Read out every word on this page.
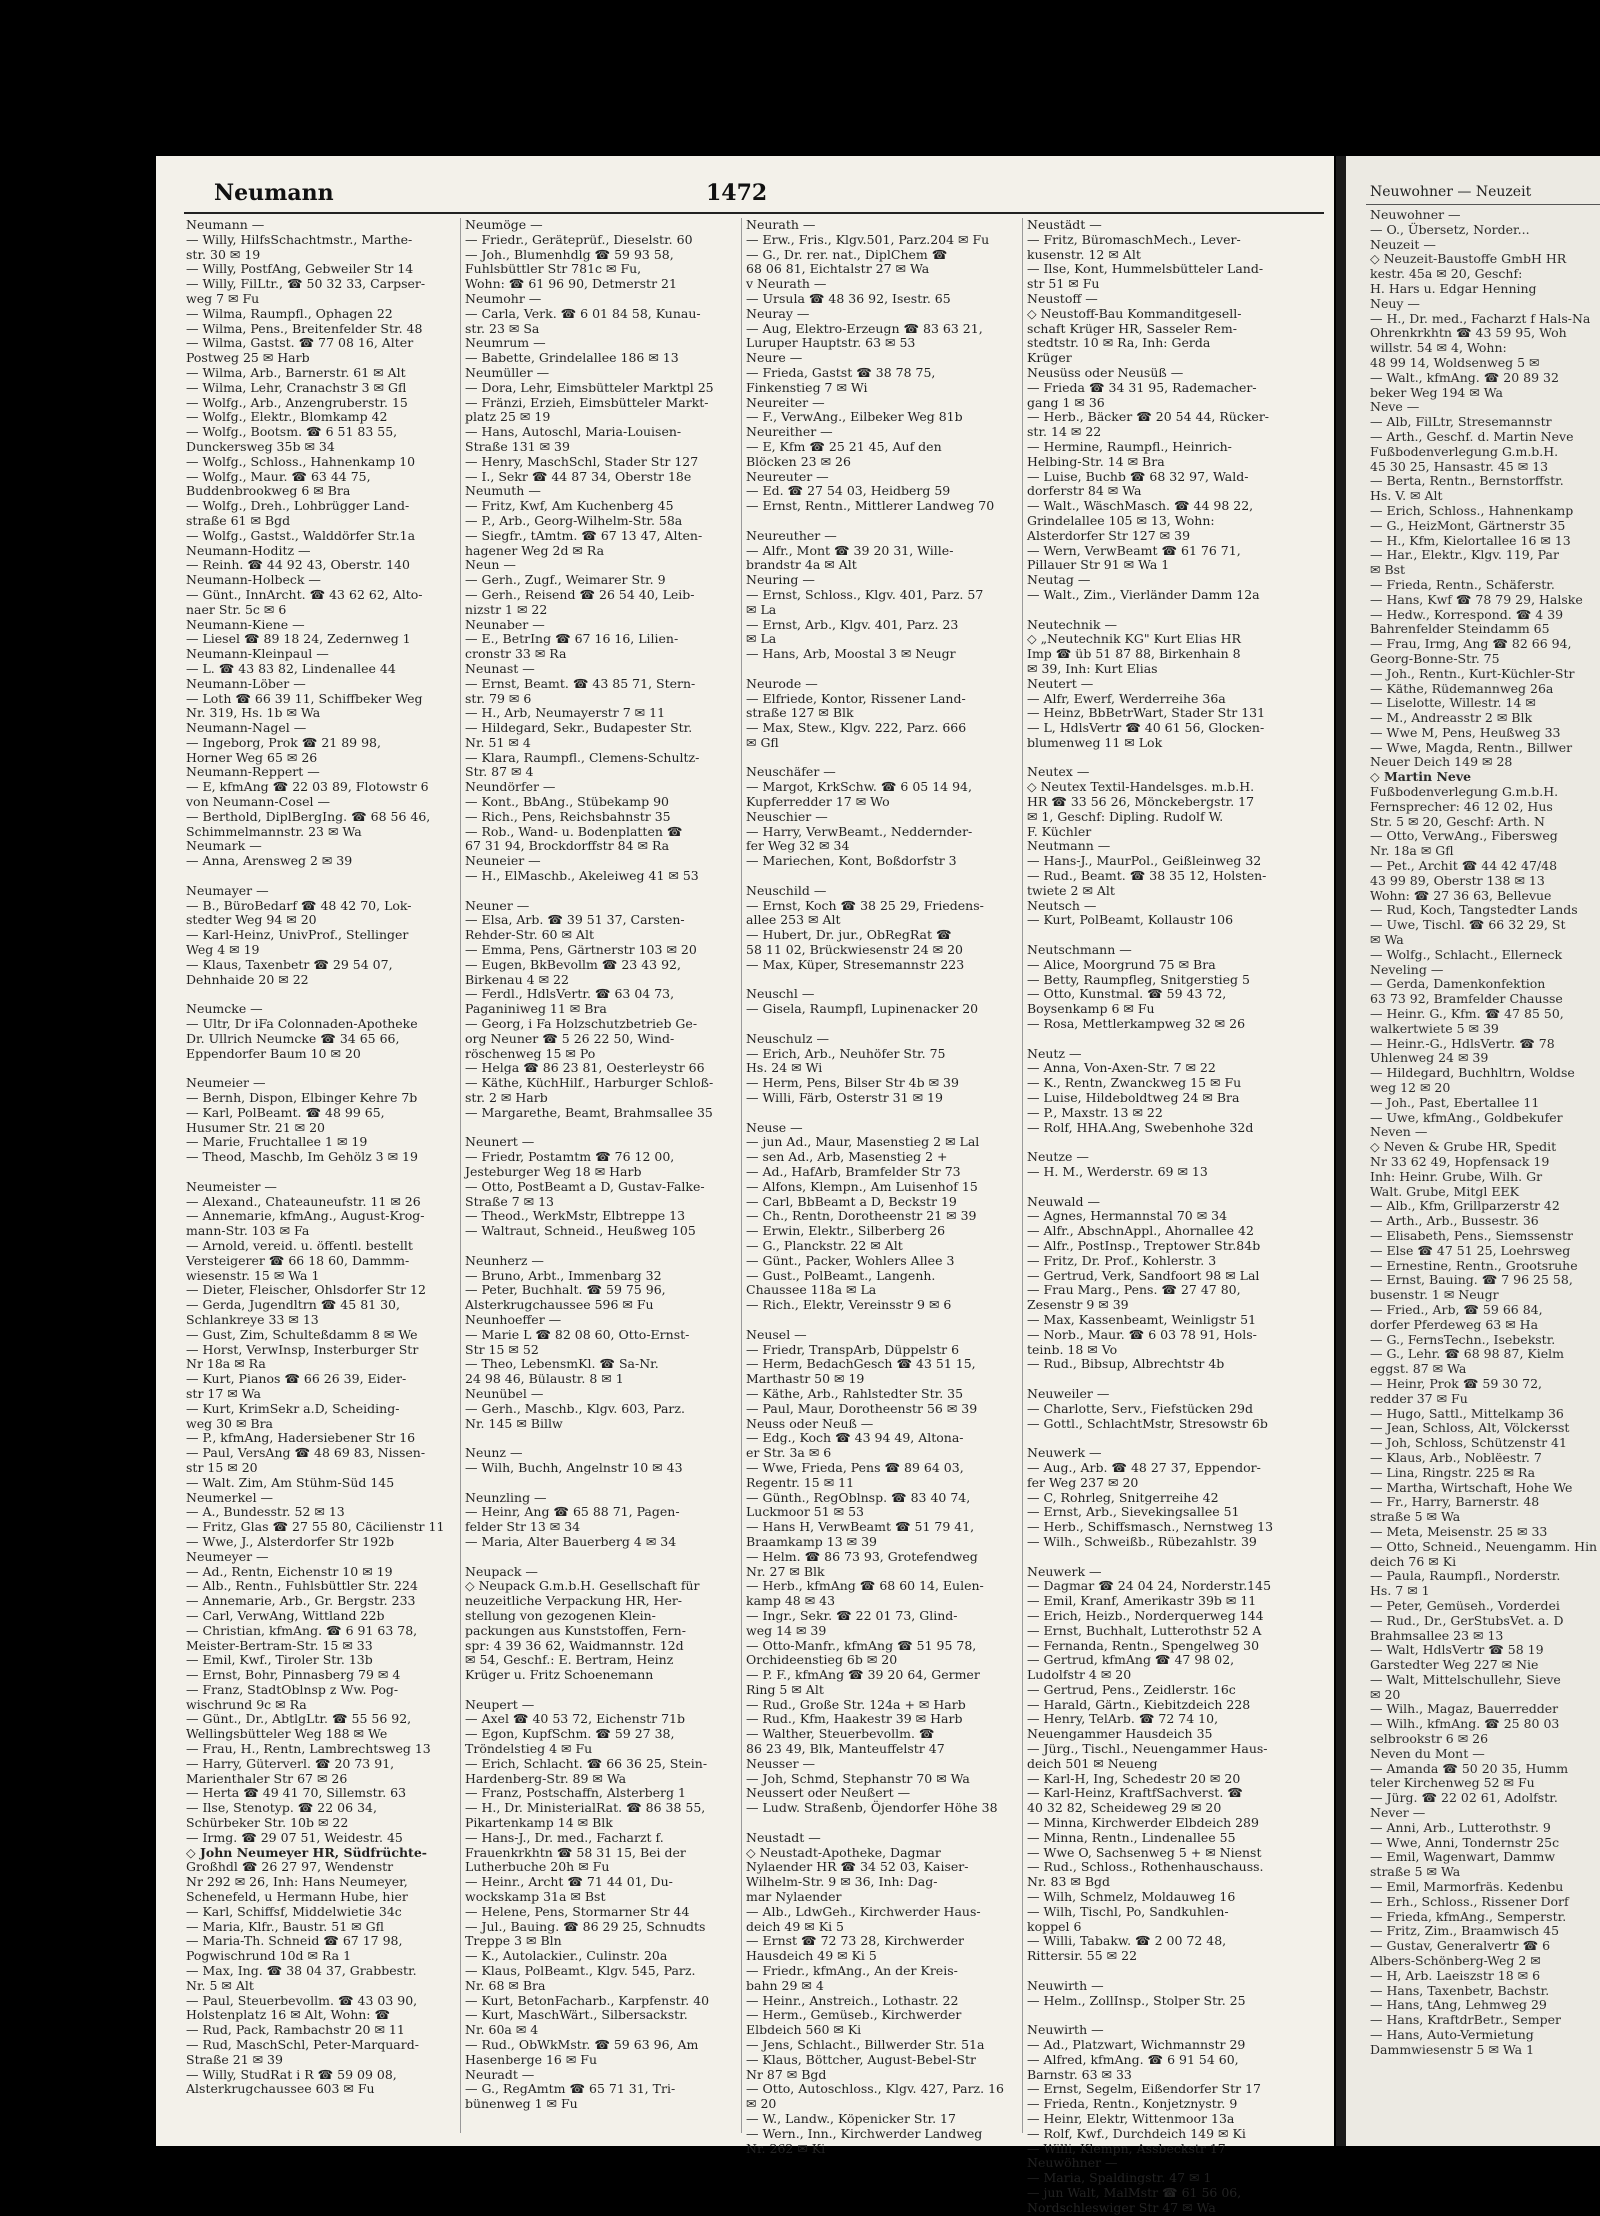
Neumann	1472
Neumann —
— Willy, HilfsSchachtmstr., Marthe-
str. 30 ✉ 19
— Willy, PostfAng, Gebweiler Str 14
— Willy, FilLtr., ☎ 50 32 33, Carpser-
weg 7 ✉ Fu
— Wilma, Raumpfl., Ophagen 22
— Wilma, Pens., Breitenfelder Str. 48
— Wilma, Gastst. ☎ 77 08 16, Alter
Postweg 25 ✉ Harb
— Wilma, Arb., Barnerstr. 61 ✉ Alt
— Wilma, Lehr, Cranachstr 3 ✉ Gfl
— Wolfg., Arb., Anzengruberstr. 15
— Wolfg., Elektr., Blomkamp 42
— Wolfg., Bootsm. ☎ 6 51 83 55,
Dunckersweg 35b ✉ 34
— Wolfg., Schloss., Hahnenkamp 10
— Wolfg., Maur. ☎ 63 44 75,
Buddenbrookweg 6 ✉ Bra
— Wolfg., Dreh., Lohbrügger Land-
straße 61 ✉ Bgd
— Wolfg., Gastst., Walddörfer Str.1a
Neumann-Hoditz —
— Reinh. ☎ 44 92 43, Oberstr. 140
Neumann-Holbeck —
— Günt., InnArcht. ☎ 43 62 62, Alto-
naer Str. 5c ✉ 6
Neumann-Kiene —
— Liesel ☎ 89 18 24, Zedernweg 1
Neumann-Kleinpaul —
— L. ☎ 43 83 82, Lindenallee 44
Neumann-Löber —
— Loth ☎ 66 39 11, Schiffbeker Weg
Nr. 319, Hs. 1b ✉ Wa
Neumann-Nagel —
— Ingeborg, Prok ☎ 21 89 98,
Horner Weg 65 ✉ 26
Neumann-Reppert —
— E, kfmAng ☎ 22 03 89, Flotowstr 6
von Neumann-Cosel —
— Berthold, DiplBergIng. ☎ 68 56 46,
Schimmelmannstr. 23 ✉ Wa
Neumark —
— Anna, Arensweg 2 ✉ 39

Neumayer —
— B., BüroBedarf ☎ 48 42 70, Lok-
stedter Weg 94 ✉ 20
— Karl-Heinz, UnivProf., Stellinger
Weg 4 ✉ 19
— Klaus, Taxenbetr ☎ 29 54 07,
Dehnhaide 20 ✉ 22

Neumcke —
— Ultr, Dr iFa Colonnaden-Apotheke
Dr. Ullrich Neumcke ☎ 34 65 66,
Eppendorfer Baum 10 ✉ 20

Neumeier —
— Bernh, Dispon, Elbinger Kehre 7b
— Karl, PolBeamt. ☎ 48 99 65,
Husumer Str. 21 ✉ 20
— Marie, Fruchtallee 1 ✉ 19
— Theod, Maschb, Im Gehölz 3 ✉ 19

Neumeister —
— Alexand., Chateauneufstr. 11 ✉ 26
— Annemarie, kfmAng., August-Krog-
mann-Str. 103 ✉ Fa
— Arnold, vereid. u. öffentl. bestellt
Versteigerer ☎ 66 18 60, Dammm-
wiesenstr. 15 ✉ Wa 1
— Dieter, Fleischer, Ohlsdorfer Str 12
— Gerda, Jugendltrn ☎ 45 81 30,
Schlankreye 33 ✉ 13
— Gust, Zim, Schulteßdamm 8 ✉ We
— Horst, VerwInsp, Insterburger Str
Nr 18a ✉ Ra
— Kurt, Pianos ☎ 66 26 39, Eider-
str 17 ✉ Wa
— Kurt, KrimSekr a.D, Scheiding-
weg 30 ✉ Bra
— P., kfmAng, Hadersiebener Str 16
— Paul, VersAng ☎ 48 69 83, Nissen-
str 15 ✉ 20
— Walt. Zim, Am Stühm-Süd 145
Neumerkel —
— A., Bundesstr. 52 ✉ 13
— Fritz, Glas ☎ 27 55 80, Cäcilienstr 11
— Wwe, J., Alsterdorfer Str 192b
Neumeyer —
— Ad., Rentn, Eichenstr 10 ✉ 19
— Alb., Rentn., Fuhlsbüttler Str. 224
— Annemarie, Arb., Gr. Bergstr. 233
— Carl, VerwAng, Wittland 22b
— Christian, kfmAng. ☎ 6 91 63 78,
Meister-Bertram-Str. 15 ✉ 33
— Emil, Kwf., Tiroler Str. 13b
— Ernst, Bohr, Pinnasberg 79 ✉ 4
— Franz, StadtOblnsp z Ww. Pog-
wischrund 9c ✉ Ra
— Günt., Dr., AbtlgLtr. ☎ 55 56 92,
Wellingsbütteler Weg 188 ✉ We
— Frau, H., Rentn, Lambrechtsweg 13
— Harry, Güterverl. ☎ 20 73 91,
Marienthaler Str 67 ✉ 26
— Herta ☎ 49 41 70, Sillemstr. 63
— Ilse, Stenotyp. ☎ 22 06 34,
Schürbeker Str. 10b ✉ 22
— Irmg. ☎ 29 07 51, Weidestr. 45
◇ John Neumeyer HR, Südfrüchte-
Großhdl ☎ 26 27 97, Wendenstr
Nr 292 ✉ 26, Inh: Hans Neumeyer,
Schenefeld, u Hermann Hube, hier
— Karl, Schiffsf, Middelwietie 34c
— Maria, Klfr., Baustr. 51 ✉ Gfl
— Maria-Th. Schneid ☎ 67 17 98,
Pogwischrund 10d ✉ Ra 1
— Max, Ing. ☎ 38 04 37, Grabbestr.
Nr. 5 ✉ Alt
— Paul, Steuerbevollm. ☎ 43 03 90,
Holstenplatz 16 ✉ Alt, Wohn: ☎
— Rud, Pack, Rambachstr 20 ✉ 11
— Rud, MaschSchl, Peter-Marquard-
Straße 21 ✉ 39
— Willy, StudRat i R ☎ 59 09 08,
Alsterkrugchaussee 603 ✉ Fu
Neumöge —
— Friedr., Geräteprüf., Dieselstr. 60
— Joh., Blumenhdlg ☎ 59 93 58,
Fuhlsbüttler Str 781c ✉ Fu,
Wohn: ☎ 61 96 90, Detmerstr 21
Neumohr —
— Carla, Verk. ☎ 6 01 84 58, Kunau-
str. 23 ✉ Sa
Neumrum —
— Babette, Grindelallee 186 ✉ 13
Neumüller —
— Dora, Lehr, Eimsbütteler Marktpl 25
— Fränzi, Erzieh, Eimsbütteler Markt-
platz 25 ✉ 19
— Hans, Autoschl, Maria-Louisen-
Straße 131 ✉ 39
— Henry, MaschSchl, Stader Str 127
— I., Sekr ☎ 44 87 34, Oberstr 18e
Neumuth —
— Fritz, Kwf, Am Kuchenberg 45
— P., Arb., Georg-Wilhelm-Str. 58a
— Siegfr., tAmtm. ☎ 67 13 47, Alten-
hagener Weg 2d ✉ Ra
Neun —
— Gerh., Zugf., Weimarer Str. 9
— Gerh., Reisend ☎ 26 54 40, Leib-
nizstr 1 ✉ 22
Neunaber —
— E., BetrIng ☎ 67 16 16, Lilien-
cronstr 33 ✉ Ra
Neunast —
— Ernst, Beamt. ☎ 43 85 71, Stern-
str. 79 ✉ 6
— H., Arb, Neumayerstr 7 ✉ 11
— Hildegard, Sekr., Budapester Str.
Nr. 51 ✉ 4
— Klara, Raumpfl., Clemens-Schultz-
Str. 87 ✉ 4
Neundörfer —
— Kont., BbAng., Stübekamp 90
— Rich., Pens, Reichsbahnstr 35
— Rob., Wand- u. Bodenplatten ☎
67 31 94, Brockdorffstr 84 ✉ Ra
Neuneier —
— H., ElMaschb., Akeleiweg 41 ✉ 53

Neuner —
— Elsa, Arb. ☎ 39 51 37, Carsten-
Rehder-Str. 60 ✉ Alt
— Emma, Pens, Gärtnerstr 103 ✉ 20
— Eugen, BkBevollm ☎ 23 43 92,
Birkenau 4 ✉ 22
— Ferdl., HdlsVertr. ☎ 63 04 73,
Paganiniweg 11 ✉ Bra
— Georg, i Fa Holzschutzbetrieb Ge-
org Neuner ☎ 5 26 22 50, Wind-
röschenweg 15 ✉ Po
— Helga ☎ 86 23 81, Oesterleystr 66
— Käthe, KüchHilf., Harburger Schloß-
str. 2 ✉ Harb
— Margarethe, Beamt, Brahmsallee 35

Neunert —
— Friedr, Postamtm ☎ 76 12 00,
Jesteburger Weg 18 ✉ Harb
— Otto, PostBeamt a D, Gustav-Falke-
Straße 7 ✉ 13
— Theod., WerkMstr, Elbtreppe 13
— Waltraut, Schneid., Heußweg 105

Neunherz —
— Bruno, Arbt., Immenbarg 32
— Peter, Buchhalt. ☎ 59 75 96,
Alsterkrugchaussee 596 ✉ Fu
Neunhoeffer —
— Marie L ☎ 82 08 60, Otto-Ernst-
Str 15 ✉ 52
— Theo, LebensmKl. ☎ Sa-Nr.
24 98 46, Bülaustr. 8 ✉ 1
Neunübel —
— Gerh., Maschb., Klgv. 603, Parz.
Nr. 145 ✉ Billw

Neunz —
— Wilh, Buchh, Angelnstr 10 ✉ 43

Neunzling —
— Heinr, Ang ☎ 65 88 71, Pagen-
felder Str 13 ✉ 34
— Maria, Alter Bauerberg 4 ✉ 34

Neupack —
◇ Neupack G.m.b.H. Gesellschaft für
neuzeitliche Verpackung HR, Her-
stellung von gezogenen Klein-
packungen aus Kunststoffen, Fern-
spr: 4 39 36 62, Waidmannstr. 12d
✉ 54, Geschf.: E. Bertram, Heinz
Krüger u. Fritz Schoenemann

Neupert —
— Axel ☎ 40 53 72, Eichenstr 71b
— Egon, KupfSchm. ☎ 59 27 38,
Tröndelstieg 4 ✉ Fu
— Erich, Schlacht. ☎ 66 36 25, Stein-
Hardenberg-Str. 89 ✉ Wa
— Franz, Postschaffn, Alsterberg 1
— H., Dr. MinisterialRat. ☎ 86 38 55,
Pikartenkamp 14 ✉ Blk
— Hans-J., Dr. med., Facharzt f.
Frauenkrkhtn ☎ 58 31 15, Bei der
Lutherbuche 20h ✉ Fu
— Heinr., Archt ☎ 71 44 01, Du-
wockskamp 31a ✉ Bst
— Helene, Pens, Stormarner Str 44
— Jul., Bauing. ☎ 86 29 25, Schnudts
Treppe 3 ✉ Bln
— K., Autolackier., Culinstr. 20a
— Klaus, PolBeamt., Klgv. 545, Parz.
Nr. 68 ✉ Bra
— Kurt, BetonFacharb., Karpfenstr. 40
— Kurt, MaschWärt., Silbersackstr.
Nr. 60a ✉ 4
— Rud., ObWkMstr. ☎ 59 63 96, Am
Hasenberge 16 ✉ Fu
Neuradt —
— G., RegAmtm ☎ 65 71 31, Tri-
bünenweg 1 ✉ Fu
Neurath —
— Erw., Fris., Klgv.501, Parz.204 ✉ Fu
— G., Dr. rer. nat., DiplChem ☎
68 06 81, Eichtalstr 27 ✉ Wa
v Neurath —
— Ursula ☎ 48 36 92, Isestr. 65
Neuray —
— Aug, Elektro-Erzeugn ☎ 83 63 21,
Luruper Hauptstr. 63 ✉ 53
Neure —
— Frieda, Gastst ☎ 38 78 75,
Finkenstieg 7 ✉ Wi
Neureiter —
— F., VerwAng., Eilbeker Weg 81b
Neureither —
— E, Kfm ☎ 25 21 45, Auf den
Blöcken 23 ✉ 26
Neureuter —
— Ed. ☎ 27 54 03, Heidberg 59
— Ernst, Rentn., Mittlerer Landweg 70

Neureuther —
— Alfr., Mont ☎ 39 20 31, Wille-
brandstr 4a ✉ Alt
Neuring —
— Ernst, Schloss., Klgv. 401, Parz. 57
✉ La
— Ernst, Arb., Klgv. 401, Parz. 23
✉ La
— Hans, Arb, Moostal 3 ✉ Neugr

Neurode —
— Elfriede, Kontor, Rissener Land-
straße 127 ✉ Blk
— Max, Stew., Klgv. 222, Parz. 666
✉ Gfl

Neuschäfer —
— Margot, KrkSchw. ☎ 6 05 14 94,
Kupferredder 17 ✉ Wo
Neuschier —
— Harry, VerwBeamt., Neddernder-
fer Weg 32 ✉ 34
— Mariechen, Kont, Boßdorfstr 3

Neuschild —
— Ernst, Koch ☎ 38 25 29, Friedens-
allee 253 ✉ Alt
— Hubert, Dr. jur., ObRegRat ☎
58 11 02, Brückwiesenstr 24 ✉ 20
— Max, Küper, Stresemannstr 223

Neuschl —
— Gisela, Raumpfl, Lupinenacker 20

Neuschulz —
— Erich, Arb., Neuhöfer Str. 75
Hs. 24 ✉ Wi
— Herm, Pens, Bilser Str 4b ✉ 39
— Willi, Färb, Osterstr 31 ✉ 19

Neuse —
— jun Ad., Maur, Masenstieg 2 ✉ Lal
— sen Ad., Arb, Masenstieg 2 +
— Ad., HafArb, Bramfelder Str 73
— Alfons, Klempn., Am Luisenhof 15
— Carl, BbBeamt a D, Beckstr 19
— Ch., Rentn, Dorotheenstr 21 ✉ 39
— Erwin, Elektr., Silberberg 26
— G., Planckstr. 22 ✉ Alt
— Günt., Packer, Wohlers Allee 3
— Gust., PolBeamt., Langenh.
Chaussee 118a ✉ La
— Rich., Elektr, Vereinsstr 9 ✉ 6

Neusel —
— Friedr, TranspArb, Düppelstr 6
— Herm, BedachGesch ☎ 43 51 15,
Marthastr 50 ✉ 19
— Käthe, Arb., Rahlstedter Str. 35
— Paul, Maur, Dorotheenstr 56 ✉ 39
Neuss oder Neuß —
— Edg., Koch ☎ 43 94 49, Altona-
er Str. 3a ✉ 6
— Wwe, Frieda, Pens ☎ 89 64 03,
Regentr. 15 ✉ 11
— Günth., RegOblnsp. ☎ 83 40 74,
Luckmoor 51 ✉ 53
— Hans H, VerwBeamt ☎ 51 79 41,
Braamkamp 13 ✉ 39
— Helm. ☎ 86 73 93, Grotefendweg
Nr. 27 ✉ Blk
— Herb., kfmAng ☎ 68 60 14, Eulen-
kamp 48 ✉ 43
— Ingr., Sekr. ☎ 22 01 73, Glind-
weg 14 ✉ 39
— Otto-Manfr., kfmAng ☎ 51 95 78,
Orchideenstieg 6b ✉ 20
— P. F., kfmAng ☎ 39 20 64, Germer
Ring 5 ✉ Alt
— Rud., Große Str. 124a + ✉ Harb
— Rud., Kfm, Haakestr 39 ✉ Harb
— Walther, Steuerbevollm. ☎
86 23 49, Blk, Manteuffelstr 47
Neusser —
— Joh, Schmd, Stephanstr 70 ✉ Wa
Neussert oder Neußert —
— Ludw. Straßenb, Öjendorfer Höhe 38

Neustadt —
◇ Neustadt-Apotheke, Dagmar
Nylaender HR ☎ 34 52 03, Kaiser-
Wilhelm-Str. 9 ✉ 36, Inh: Dag-
mar Nylaender
— Alb., LdwGeh., Kirchwerder Haus-
deich 49 ✉ Ki 5
— Ernst ☎ 72 73 28, Kirchwerder
Hausdeich 49 ✉ Ki 5
— Friedr., kfmAng., An der Kreis-
bahn 29 ✉ 4
— Heinr., Anstreich., Lothastr. 22
— Herm., Gemüseb., Kirchwerder
Elbdeich 560 ✉ Ki
— Jens, Schlacht., Billwerder Str. 51a
— Klaus, Böttcher, August-Bebel-Str
Nr 87 ✉ Bgd
— Otto, Autoschloss., Klgv. 427, Parz. 16
✉ 20
— W., Landw., Köpenicker Str. 17
— Wern., Inn., Kirchwerder Landweg
Nr. 262 ✉ Ki
Neustädt —
— Fritz, BüromaschMech., Lever-
kusenstr. 12 ✉ Alt
— Ilse, Kont, Hummelsbütteler Land-
str 51 ✉ Fu
Neustoff —
◇ Neustoff-Bau Kommanditgesell-
schaft Krüger HR, Sasseler Rem-
stedtstr. 10 ✉ Ra, Inh: Gerda
Krüger
Neusüss oder Neusüß —
— Frieda ☎ 34 31 95, Rademacher-
gang 1 ✉ 36
— Herb., Bäcker ☎ 20 54 44, Rücker-
str. 14 ✉ 22
— Hermine, Raumpfl., Heinrich-
Helbing-Str. 14 ✉ Bra
— Luise, Buchb ☎ 68 32 97, Wald-
dorferstr 84 ✉ Wa
— Walt., WäschMasch. ☎ 44 98 22,
Grindelallee 105 ✉ 13, Wohn:
Alsterdorfer Str 127 ✉ 39
— Wern, VerwBeamt ☎ 61 76 71,
Pillauer Str 91 ✉ Wa 1
Neutag —
— Walt., Zim., Vierländer Damm 12a

Neutechnik —
◇ „Neutechnik KG" Kurt Elias HR
Imp ☎ üb 51 87 88, Birkenhain 8
✉ 39, Inh: Kurt Elias
Neutert —
— Alfr, Ewerf, Werderreihe 36a
— Heinz, BbBetrWart, Stader Str 131
— L, HdlsVertr ☎ 40 61 56, Glocken-
blumenweg 11 ✉ Lok

Neutex —
◇ Neutex Textil-Handelsges. m.b.H.
HR ☎ 33 56 26, Mönckebergstr. 17
✉ 1, Geschf: Dipling. Rudolf W.
F. Küchler
Neutmann —
— Hans-J., MaurPol., Geißleinweg 32
— Rud., Beamt. ☎ 38 35 12, Holsten-
twiete 2 ✉ Alt
Neutsch —
— Kurt, PolBeamt, Kollaustr 106

Neutschmann —
— Alice, Moorgrund 75 ✉ Bra
— Betty, Raumpfleg, Snitgerstieg 5
— Otto, Kunstmal. ☎ 59 43 72,
Boysenkamp 6 ✉ Fu
— Rosa, Mettlerkampweg 32 ✉ 26

Neutz —
— Anna, Von-Axen-Str. 7 ✉ 22
— K., Rentn, Zwanckweg 15 ✉ Fu
— Luise, Hildeboldtweg 24 ✉ Bra
— P., Maxstr. 13 ✉ 22
— Rolf, HHA.Ang, Swebenhohe 32d

Neutze —
— H. M., Werderstr. 69 ✉ 13

Neuwald —
— Agnes, Hermannstal 70 ✉ 34
— Alfr., AbschnAppl., Ahornallee 42
— Alfr., PostInsp., Treptower Str.84b
— Fritz, Dr. Prof., Kohlerstr. 3
— Gertrud, Verk, Sandfoort 98 ✉ Lal
— Frau Marg., Pens. ☎ 27 47 80,
Zesenstr 9 ✉ 39
— Max, Kassenbeamt, Weinligstr 51
— Norb., Maur. ☎ 6 03 78 91, Hols-
teinb. 18 ✉ Vo
— Rud., Bibsup, Albrechtstr 4b

Neuweiler —
— Charlotte, Serv., Fiefstücken 29d
— Gottl., SchlachtMstr, Stresowstr 6b

Neuwerk —
— Aug., Arb. ☎ 48 27 37, Eppendor-
fer Weg 237 ✉ 20
— C, Rohrleg, Snitgerreihe 42
— Ernst, Arb., Sievekingsallee 51
— Herb., Schiffsmasch., Nernstweg 13
— Wilh., Schweißb., Rübezahlstr. 39

Neuwerk —
— Dagmar ☎ 24 04 24, Norderstr.145
— Emil, Kranf, Amerikastr 39b ✉ 11
— Erich, Heizb., Norderquerweg 144
— Ernst, Buchhalt, Lutterothstr 52 A
— Fernanda, Rentn., Spengelweg 30
— Gertrud, kfmAng ☎ 47 98 02,
Ludolfstr 4 ✉ 20
— Gertrud, Pens., Zeidlerstr. 16c
— Harald, Gärtn., Kiebitzdeich 228
— Henry, TelArb. ☎ 72 74 10,
Neuengammer Hausdeich 35
— Jürg., Tischl., Neuengammer Haus-
deich 501 ✉ Neueng
— Karl-H, Ing, Schedestr 20 ✉ 20
— Karl-Heinz, KraftfSachverst. ☎
40 32 82, Scheideweg 29 ✉ 20
— Minna, Kirchwerder Elbdeich 289
— Minna, Rentn., Lindenallee 55
— Wwe O, Sachsenweg 5 + ✉ Nienst
— Rud., Schloss., Rothenhauschauss.
Nr. 83 ✉ Bgd
— Wilh, Schmelz, Moldauweg 16
— Wilh, Tischl, Po, Sandkuhlen-
koppel 6
— Willi, Tabakw. ☎ 2 00 72 48,
Rittersir. 55 ✉ 22

Neuwirth —
— Helm., ZollInsp., Stolper Str. 25

Neuwirth —
— Ad., Platzwart, Wichmannstr 29
— Alfred, kfmAng. ☎ 6 91 54 60,
Barnstr. 63 ✉ 33
— Ernst, Segelm, Eißendorfer Str 17
— Frieda, Rentn., Konjetznystr. 9
— Heinr, Elektr, Wittenmoor 13a
— Rolf, Kwf., Durchdeich 149 ✉ Ki
— Willi, Klempn, Assbeckstr 17
Neuwöhner —
— Maria, Spaldingstr. 47 ✉ 1
— jun Walt, MalMstr ☎ 61 56 06,
Nordschleswiger Str 47 ✉ Wa
Neuwohner — Neuzeit
Neuwohner —
— O., Übersetz, Norder...
Neuzeit —
◇ Neuzeit-Baustoffe GmbH HR
kestr. 45a ✉ 20, Geschf:
H. Hars u. Edgar Henning
Neuy —
— H., Dr. med., Facharzt f Hals-Na
Ohrenkrkhtn ☎ 43 59 95, Woh
willstr. 54 ✉ 4, Wohn:
48 99 14, Woldsenweg 5 ✉
— Walt., kfmAng. ☎ 20 89 32
beker Weg 194 ✉ Wa
Neve —
— Alb, FilLtr, Stresemannstr
— Arth., Geschf. d. Martin Neve
Fußbodenverlegung G.m.b.H.
45 30 25, Hansastr. 45 ✉ 13
— Berta, Rentn., Bernstorffstr.
Hs. V. ✉ Alt
— Erich, Schloss., Hahnenkamp
— G., HeizMont, Gärtnerstr 35
— H., Kfm, Kielortallee 16 ✉ 13
— Har., Elektr., Klgv. 119, Par
✉ Bst
— Frieda, Rentn., Schäferstr.
— Hans, Kwf ☎ 78 79 29, Halske
— Hedw., Korrespond. ☎ 4 39
Bahrenfelder Steindamm 65
— Frau, Irmg, Ang ☎ 82 66 94,
Georg-Bonne-Str. 75
— Joh., Rentn., Kurt-Küchler-Str
— Käthe, Rüdemannweg 26a
— Liselotte, Willestr. 14 ✉
— M., Andreasstr 2 ✉ Blk
— Wwe M, Pens, Heußweg 33
— Wwe, Magda, Rentn., Billwer
Neuer Deich 149 ✉ 28
◇ Martin Neve
Fußbodenverlegung G.m.b.H.
Fernsprecher: 46 12 02, Hus
Str. 5 ✉ 20, Geschf: Arth. N
— Otto, VerwAng., Fibersweg
Nr. 18a ✉ Gfl
— Pet., Archit ☎ 44 42 47/48
43 99 89, Oberstr 138 ✉ 13
Wohn: ☎ 27 36 63, Bellevue
— Rud, Koch, Tangstedter Lands
— Uwe, Tischl. ☎ 66 32 29, St
✉ Wa
— Wolfg., Schlacht., Ellerneck
Neveling —
— Gerda, Damenkonfektion
63 73 92, Bramfelder Chausse
— Heinr. G., Kfm. ☎ 47 85 50,
walkertwiete 5 ✉ 39
— Heinr.-G., HdlsVertr. ☎ 78
Uhlenweg 24 ✉ 39
— Hildegard, Buchhltrn, Woldse
weg 12 ✉ 20
— Joh., Past, Ebertallee 11
— Uwe, kfmAng., Goldbekufer
Neven —
◇ Neven & Grube HR, Spedit
Nr 33 62 49, Hopfensack 19
Inh: Heinr. Grube, Wilh. Gr
Walt. Grube, Mitgl EEK
— Alb., Kfm, Grillparzerstr 42
— Arth., Arb., Bussestr. 36
— Elisabeth, Pens., Siemssenstr
— Else ☎ 47 51 25, Loehrsweg
— Ernestine, Rentn., Grootsruhe
— Ernst, Bauing. ☎ 7 96 25 58,
busenstr. 1 ✉ Neugr
— Fried., Arb, ☎ 59 66 84,
dorfer Pferdeweg 63 ✉ Ha
— G., FernsTechn., Isebekstr.
— G., Lehr. ☎ 68 98 87, Kielm
eggst. 87 ✉ Wa
— Heinr, Prok ☎ 59 30 72,
redder 37 ✉ Fu
— Hugo, Sattl., Mittelkamp 36
— Jean, Schloss, Alt, Völckersst
— Joh, Schloss, Schützenstr 41
— Klaus, Arb., Noblëestr. 7
— Lina, Ringstr. 225 ✉ Ra
— Martha, Wirtschaft, Hohe We
— Fr., Harry, Barnerstr. 48
straße 5 ✉ Wa
— Meta, Meisenstr. 25 ✉ 33
— Otto, Schneid., Neuengamm. Hin
deich 76 ✉ Ki
— Paula, Raumpfl., Norderstr.
Hs. 7 ✉ 1
— Peter, Gemüseh., Vorderdei
— Rud., Dr., GerStubsVet. a. D
Brahmsallee 23 ✉ 13
— Walt, HdlsVertr ☎ 58 19
Garstedter Weg 227 ✉ Nie
— Walt, Mittelschullehr, Sieve
✉ 20
— Wilh., Magaz, Bauerredder
— Wilh., kfmAng. ☎ 25 80 03
selbrookstr 6 ✉ 26
Neven du Mont —
— Amanda ☎ 50 20 35, Humm
teler Kirchenweg 52 ✉ Fu
— Jürg. ☎ 22 02 61, Adolfstr.
Never —
— Anni, Arb., Lutterothstr. 9
— Wwe, Anni, Tondernstr 25c
— Emil, Wagenwart, Dammw
straße 5 ✉ Wa
— Emil, Marmorfräs. Kedenbu
— Erh., Schloss., Rissener Dorf
— Frieda, kfmAng., Semperstr.
— Fritz, Zim., Braamwisch 45
— Gustav, Generalvertr ☎ 6
Albers-Schönberg-Weg 2 ✉
— H, Arb. Laeiszstr 18 ✉ 6
— Hans, Taxenbetr, Bachstr.
— Hans, tAng, Lehmweg 29
— Hans, KraftdrBetr., Semper
— Hans, Auto-Vermietung
Dammwiesenstr 5 ✉ Wa 1
